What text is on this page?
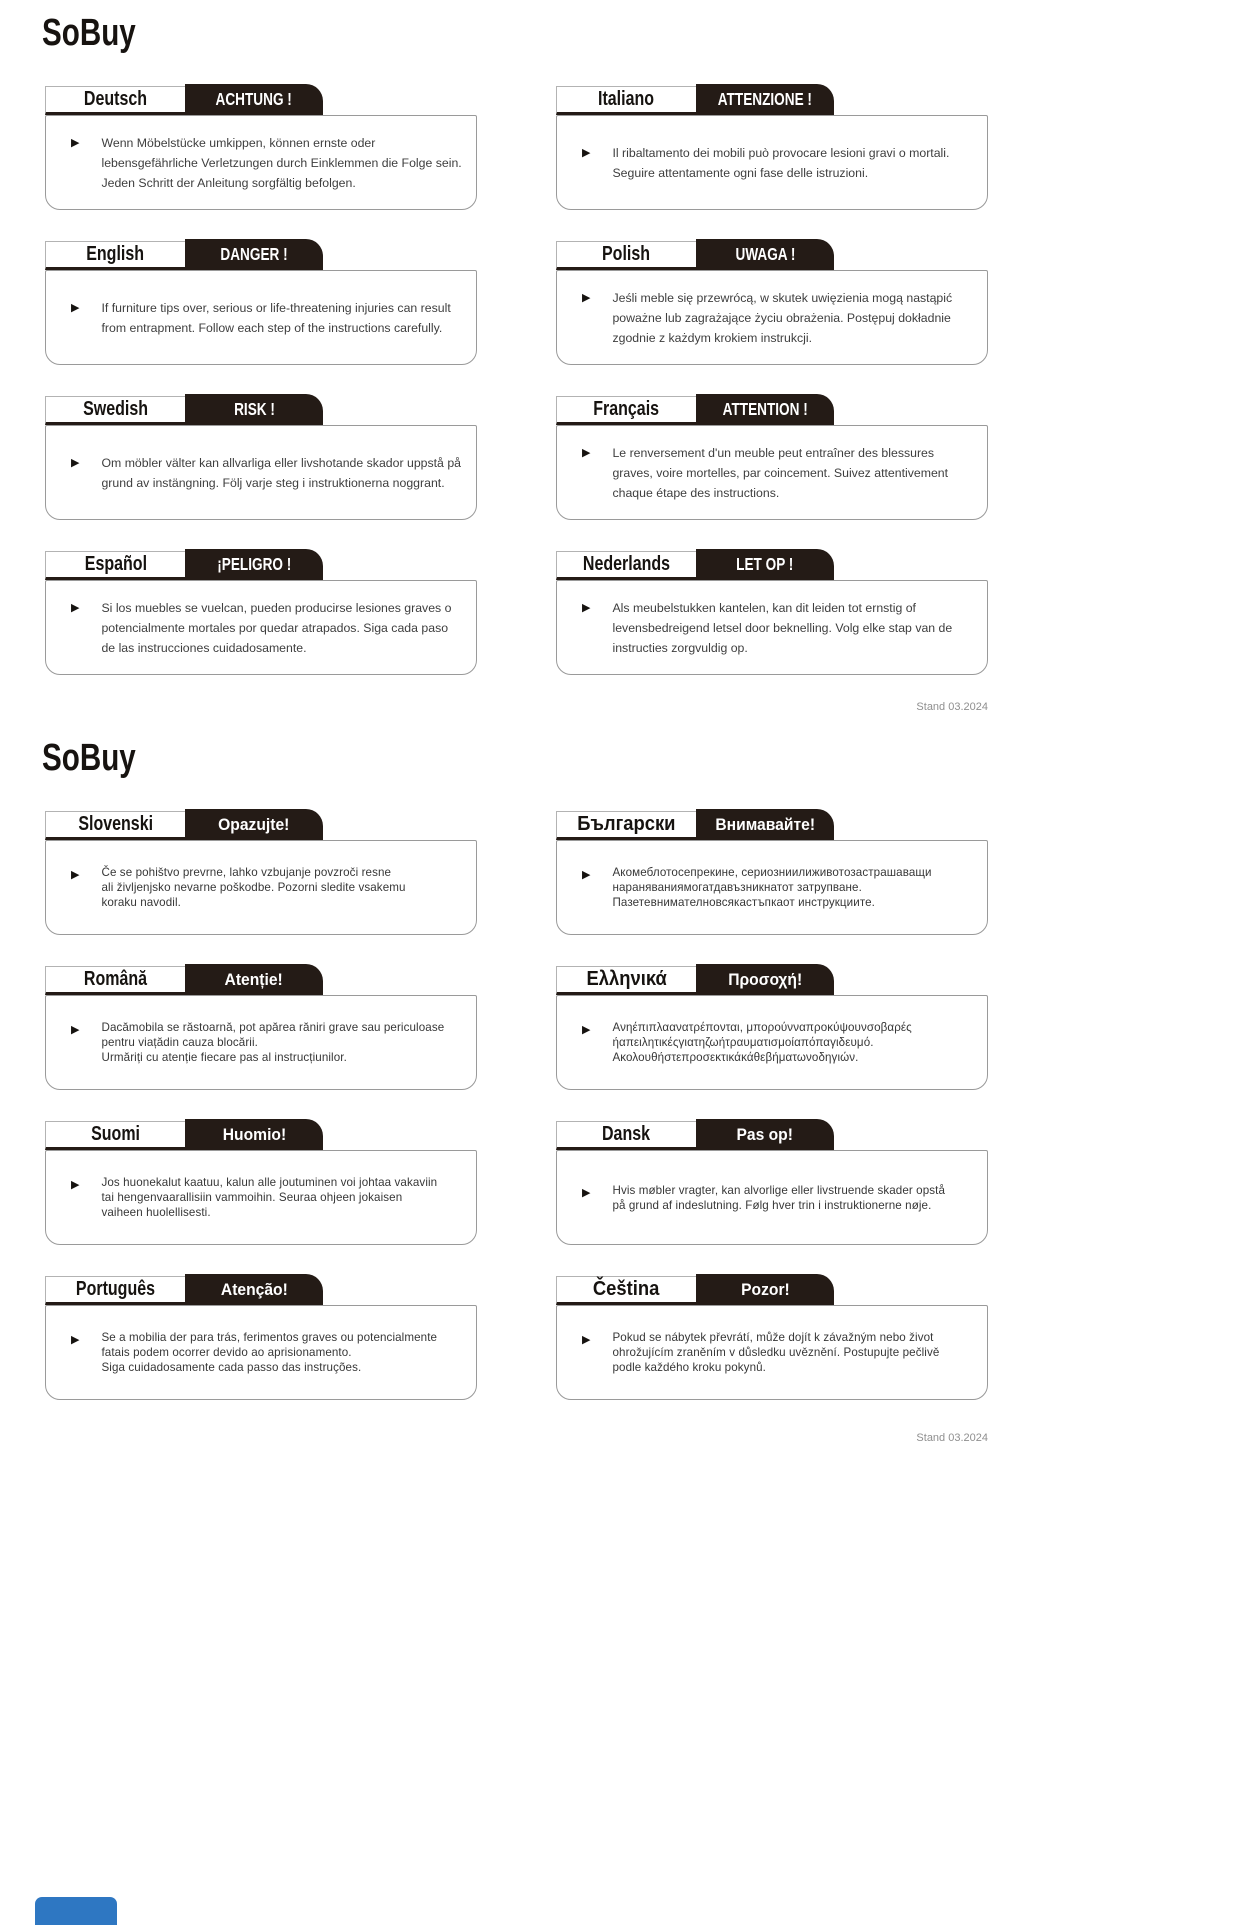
SoBuy
Deutsch	ACHTUNG !
▶ Wenn Möbelstücke umkippen, können ernste oder
lebensgefährliche Verletzungen durch Einklemmen die Folge sein.
Jeden Schritt der Anleitung sorgfältig befolgen.
Italiano	ATTENZIONE !
▶ Il ribaltamento dei mobili può provocare lesioni gravi o mortali.
Seguire attentamente ogni fase delle istruzioni.
English	DANGER !
▶ If furniture tips over, serious or life-threatening injuries can result
from entrapment. Follow each step of the instructions carefully.
Polish	UWAGA !
▶ Jeśli meble się przewrócą, w skutek uwięzienia mogą nastąpić
poważne lub zagrażające życiu obrażenia. Postępuj dokładnie
zgodnie z każdym krokiem instrukcji.
Swedish	RISK !
▶ Om möbler välter kan allvarliga eller livshotande skador uppstå på
grund av instängning. Följ varje steg i instruktionerna noggrant.
Français	ATTENTION !
▶ Le renversement d'un meuble peut entraîner des blessures
graves, voire mortelles, par coincement. Suivez attentivement
chaque étape des instructions.
Español	¡PELIGRO !
▶ Si los muebles se vuelcan, pueden producirse lesiones graves o
potencialmente mortales por quedar atrapados. Siga cada paso
de las instrucciones cuidadosamente.
Nederlands	LET OP !
▶ Als meubelstukken kantelen, kan dit leiden tot ernstig of
levensbedreigend letsel door beknelling. Volg elke stap van de
instructies zorgvuldig op.
Stand 03.2024
SoBuy
Slovenski	Opazujte!
▶ Če se pohištvo prevrne, lahko vzbujanje povzroči resne
ali življenjsko nevarne poškodbe. Pozorni sledite vsakemu
koraku navodil.
Български Внимавайте!
▶ Акомеблотосепрекине, сериозниилиживотозастрашаващи
нараняваниямогатдавъзникнатот затрупване.
Пазетевнимателновсякастъпкаот инструкциите.
Română	Atenție!
▶ Dacămobila se răstoarnă, pot apărea răniri grave sau periculoase
pentru viațădin cauza blocării.
Urmăriți cu atenție fiecare pas al instrucțiunilor.
Ελληνικά	Προσοχή!
▶ Ανηέπιπλαανατρέπονται, μπορούνναπροκύψουνσοβαρές
ήαπειλητικέςγιατηζωήτραυματισμοίαπόπαγιδευμό.
Ακολουθήστεπροσεκτικάκάθεβήματωνοδηγιών.
Suomi	Huomio!
▶ Jos huonekalut kaatuu, kalun alle joutuminen voi johtaa vakaviin
tai hengenvaarallisiin vammoihin. Seuraa ohjeen jokaisen
vaiheen huolellisesti.
Dansk	Pas op!
▶ Hvis møbler vragter, kan alvorlige eller livstruende skader opstå
på grund af indeslutning. Følg hver trin i instruktionerne nøje.
Português	Atenção!
▶ Se a mobilia der para trás, ferimentos graves ou potencialmente
fatais podem ocorrer devido ao aprisionamento.
Siga cuidadosamente cada passo das instruções.
Čeština	Pozor!
▶ Pokud se nábytek převrátí, může dojít k závažným nebo život
ohrožujícím zraněním v důsledku uvěznění. Postupujte pečlivě
podle každého kroku pokynů.
Stand 03.2024
